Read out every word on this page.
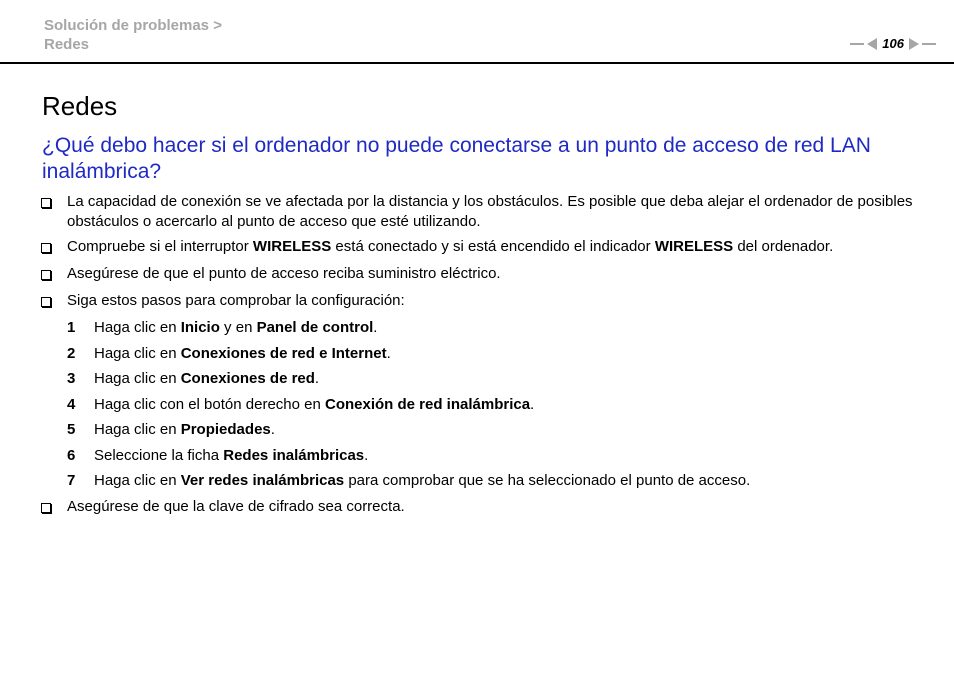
Solución de problemas >
Redes	106
Redes
¿Qué debo hacer si el ordenador no puede conectarse a un punto de acceso de red LAN inalámbrica?
La capacidad de conexión se ve afectada por la distancia y los obstáculos. Es posible que deba alejar el ordenador de posibles obstáculos o acercarlo al punto de acceso que esté utilizando.
Compruebe si el interruptor WIRELESS está conectado y si está encendido el indicador WIRELESS del ordenador.
Asegúrese de que el punto de acceso reciba suministro eléctrico.
Siga estos pasos para comprobar la configuración:
1	Haga clic en Inicio y en Panel de control.
2	Haga clic en Conexiones de red e Internet.
3	Haga clic en Conexiones de red.
4	Haga clic con el botón derecho en Conexión de red inalámbrica.
5	Haga clic en Propiedades.
6	Seleccione la ficha Redes inalámbricas.
7	Haga clic en Ver redes inalámbricas para comprobar que se ha seleccionado el punto de acceso.
Asegúrese de que la clave de cifrado sea correcta.
